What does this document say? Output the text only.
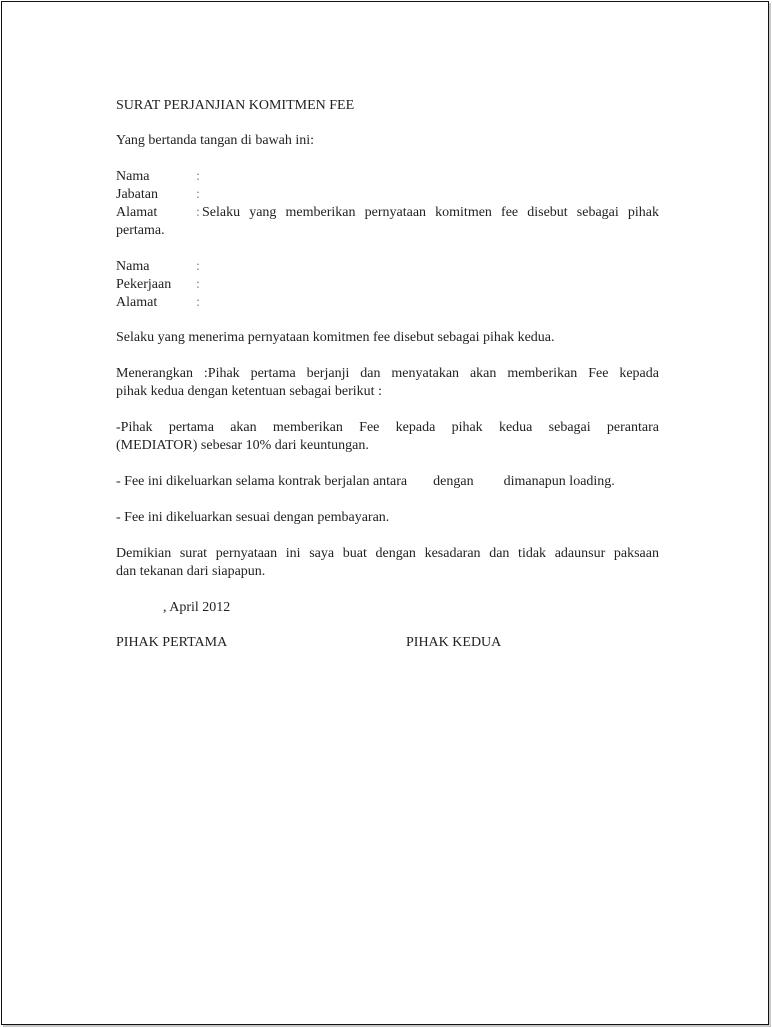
SURAT PERJANJIAN KOMITMEN FEE
Yang bertanda tangan di bawah ini:
Nama	:
Jabatan	:
Alamat	: Selaku yang memberikan pernyataan komitmen fee disebut sebagai pihak
pertama.
Nama	:
Pekerjaan :
Alamat	:
Selaku yang menerima pernyataan komitmen fee disebut sebagai pihak kedua.
Menerangkan :Pihak pertama berjanji dan menyatakan akan memberikan Fee kepada
pihak kedua dengan ketentuan sebagai berikut :
-Pihak pertama akan memberikan Fee kepada pihak kedua sebagai perantara
(MEDIATOR) sebesar 10% dari keuntungan.
- Fee ini dikeluarkan selama kontrak berjalan antara dengan dimanapun loading.
- Fee ini dikeluarkan sesuai dengan pembayaran.
Demikian surat pernyataan ini saya buat dengan kesadaran dan tidak adaunsur paksaan
dan tekanan dari siapapun.
, April 2012
PIHAK PERTAMA	PIHAK KEDUA
